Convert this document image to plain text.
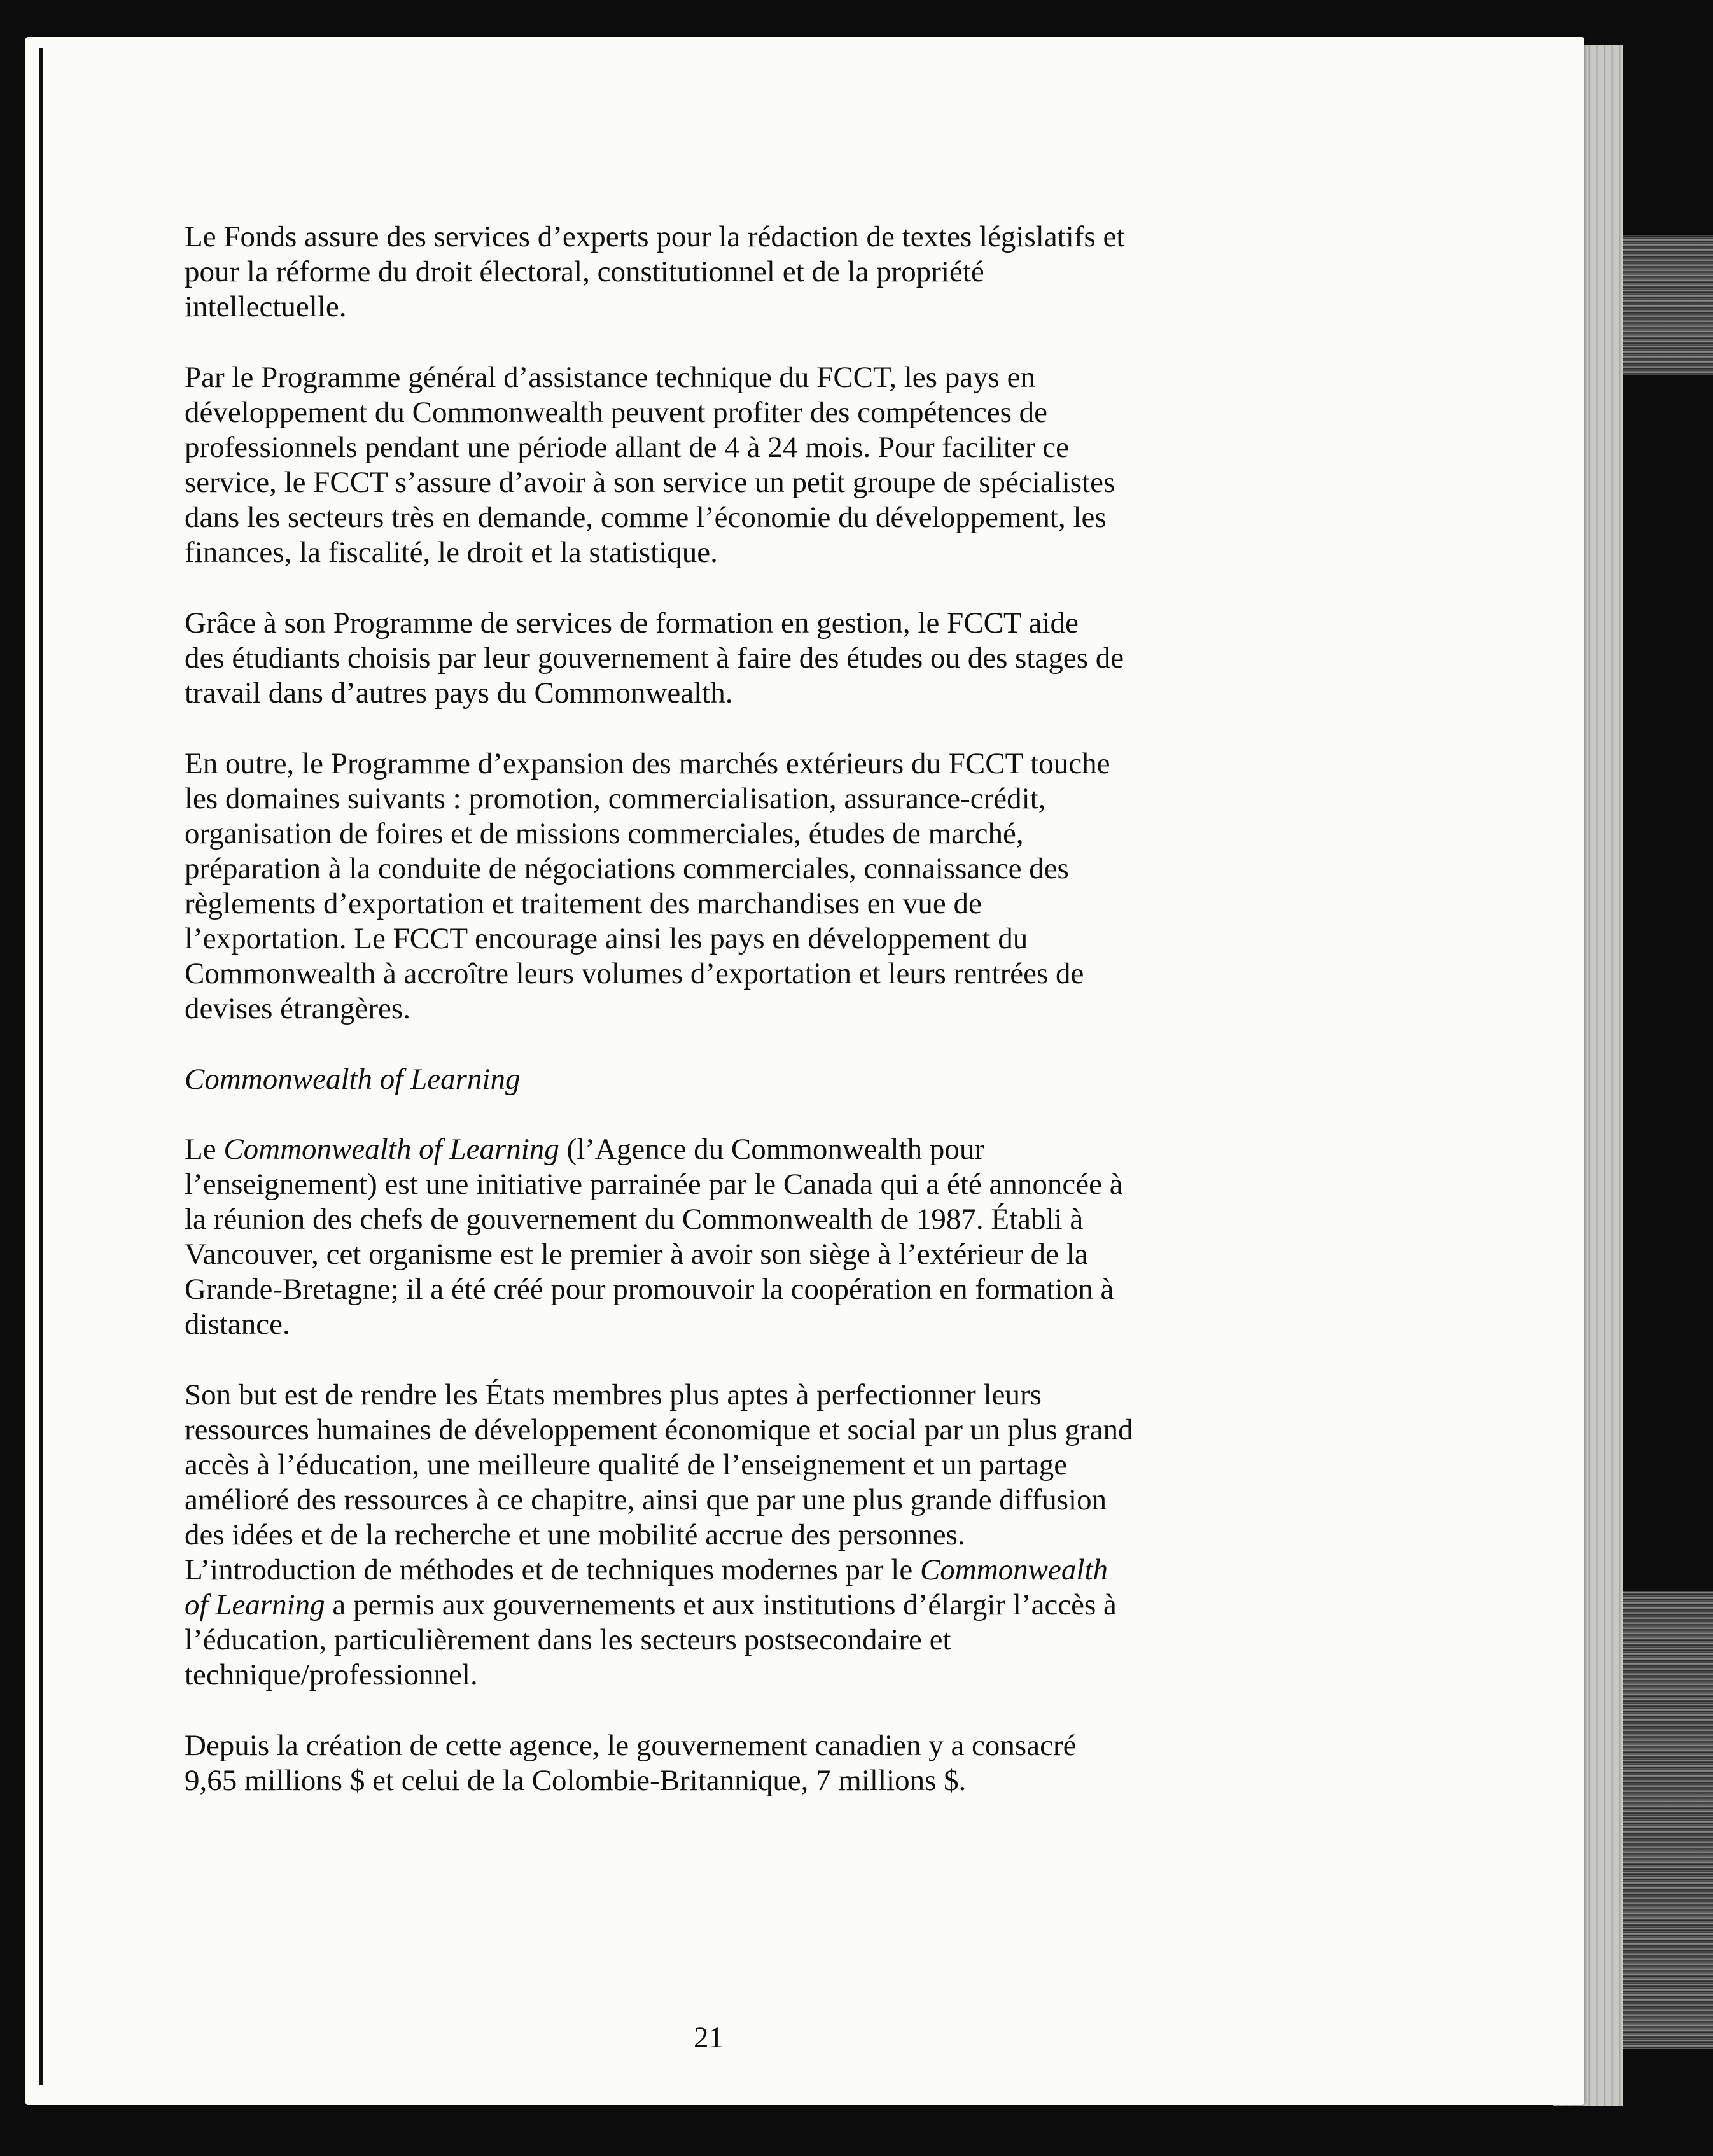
Le Fonds assure des services d’experts pour la rédaction de textes législatifs et
pour la réforme du droit électoral, constitutionnel et de la propriété
intellectuelle.

Par le Programme général d’assistance technique du FCCT, les pays en
développement du Commonwealth peuvent profiter des compétences de
professionnels pendant une période allant de 4 à 24 mois. Pour faciliter ce
service, le FCCT s’assure d’avoir à son service un petit groupe de spécialistes
dans les secteurs très en demande, comme l’économie du développement, les
finances, la fiscalité, le droit et la statistique.

Grâce à son Programme de services de formation en gestion, le FCCT aide
des étudiants choisis par leur gouvernement à faire des études ou des stages de
travail dans d’autres pays du Commonwealth.

En outre, le Programme d’expansion des marchés extérieurs du FCCT touche
les domaines suivants : promotion, commercialisation, assurance-crédit,
organisation de foires et de missions commerciales, études de marché,
préparation à la conduite de négociations commerciales, connaissance des
règlements d’exportation et traitement des marchandises en vue de
l’exportation. Le FCCT encourage ainsi les pays en développement du
Commonwealth à accroître leurs volumes d’exportation et leurs rentrées de
devises étrangères.

Commonwealth of Learning

Le Commonwealth of Learning (l’Agence du Commonwealth pour
l’enseignement) est une initiative parrainée par le Canada qui a été annoncée à
la réunion des chefs de gouvernement du Commonwealth de 1987. Établi à
Vancouver, cet organisme est le premier à avoir son siège à l’extérieur de la
Grande-Bretagne; il a été créé pour promouvoir la coopération en formation à
distance.

Son but est de rendre les États membres plus aptes à perfectionner leurs
ressources humaines de développement économique et social par un plus grand
accès à l’éducation, une meilleure qualité de l’enseignement et un partage
amélioré des ressources à ce chapitre, ainsi que par une plus grande diffusion
des idées et de la recherche et une mobilité accrue des personnes.
L’introduction de méthodes et de techniques modernes par le Commonwealth
of Learning a permis aux gouvernements et aux institutions d’élargir l’accès à
l’éducation, particulièrement dans les secteurs postsecondaire et
technique/professionnel.

Depuis la création de cette agence, le gouvernement canadien y a consacré
9,65 millions $ et celui de la Colombie-Britannique, 7 millions $.

21
